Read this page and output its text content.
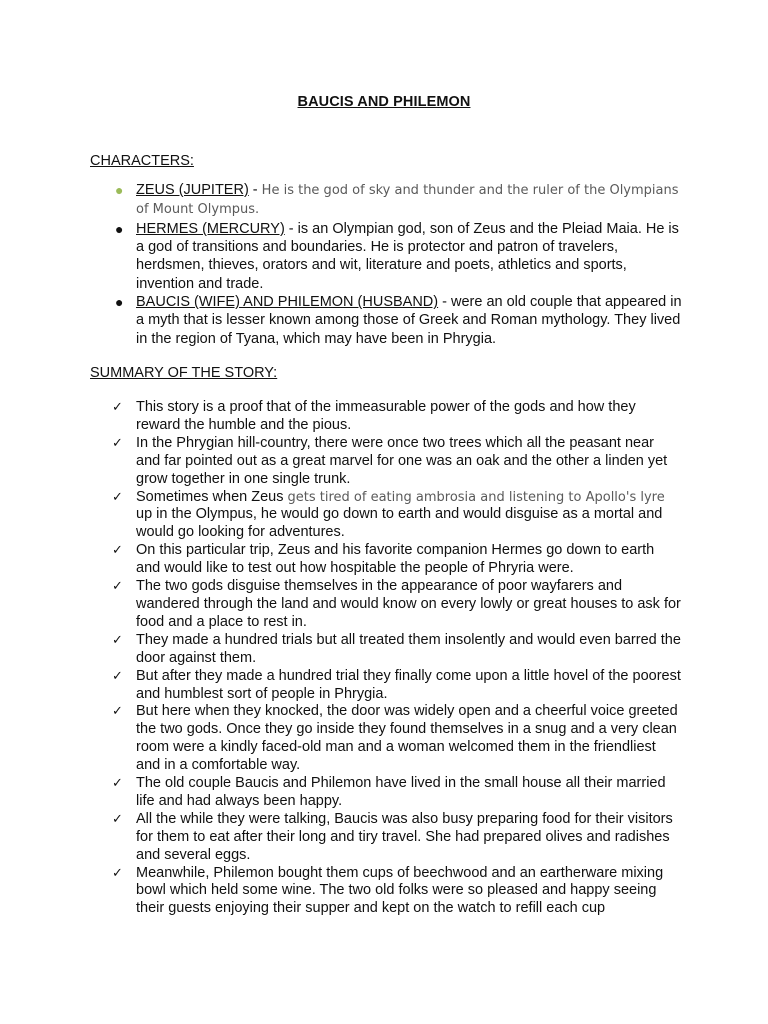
BAUCIS AND PHILEMON
CHARACTERS:
● ZEUS (JUPITER) - He is the god of sky and thunder and the ruler of the Olympians of Mount Olympus.
● HERMES (MERCURY) - is an Olympian god, son of Zeus and the Pleiad Maia. He is a god of transitions and boundaries. He is protector and patron of travelers, herdsmen, thieves, orators and wit, literature and poets, athletics and sports, invention and trade.
● BAUCIS (WIFE) AND PHILEMON (HUSBAND) - were an old couple that appeared in a myth that is lesser known among those of Greek and Roman mythology. They lived in the region of Tyana, which may have been in Phrygia.
SUMMARY OF THE STORY:
✓ This story is a proof that of the immeasurable power of the gods and how they reward the humble and the pious.
✓ In the Phrygian hill-country, there were once two trees which all the peasant near and far pointed out as a great marvel for one was an oak and the other a linden yet grow together in one single trunk.
✓ Sometimes when Zeus gets tired of eating ambrosia and listening to Apollo's lyre up in the Olympus, he would go down to earth and would disguise as a mortal and would go looking for adventures.
✓ On this particular trip, Zeus and his favorite companion Hermes go down to earth and would like to test out how hospitable the people of Phryria were.
✓ The two gods disguise themselves in the appearance of poor wayfarers and wandered through the land and would know on every lowly or great houses to ask for food and a place to rest in.
✓ They made a hundred trials but all treated them insolently and would even barred the door against them.
✓ But after they made a hundred trial they finally come upon a little hovel of the poorest and humblest sort of people in Phrygia.
✓ But here when they knocked, the door was widely open and a cheerful voice greeted the two gods. Once they go inside they found themselves in a snug and a very clean room were a kindly faced-old man and a woman welcomed them in the friendliest and in a comfortable way.
✓ The old couple Baucis and Philemon have lived in the small house all their married life and had always been happy.
✓ All the while they were talking, Baucis was also busy preparing food for their visitors for them to eat after their long and tiry travel. She had prepared olives and radishes and several eggs.
✓ Meanwhile, Philemon bought them cups of beechwood and an eartherware mixing bowl which held some wine. The two old folks were so pleased and happy seeing their guests enjoying their supper and kept on the watch to refill each cup
